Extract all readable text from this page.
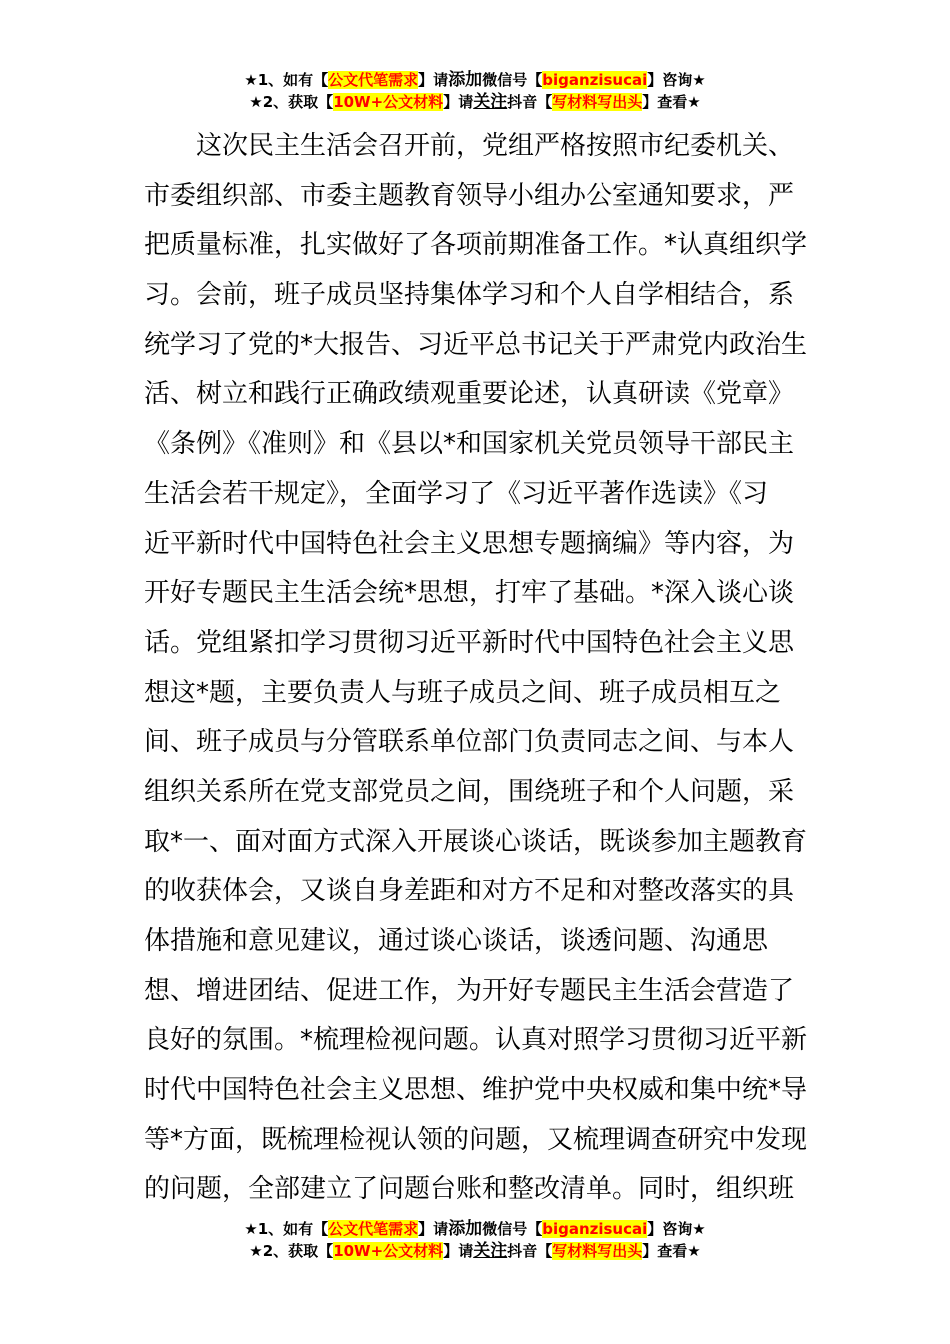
★1、如有【公文代笔需求】请添加微信号【biganzisucai】咨询★
★2、获取【10W+公文材料】请关注抖音【写材料写出头】查看★
　　这次民主生活会召开前，党组严格按照市纪委机关、
市委组织部、市委主题教育领导小组办公室通知要求，严
把质量标准，扎实做好了各项前期准备工作。*认真组织学
习。会前，班子成员坚持集体学习和个人自学相结合，系
统学习了党的*大报告、习近平总书记关于严肃党内政治生
活、树立和践行正确政绩观重要论述，认真研读《党章》
《条例》《准则》和《县以*和国家机关党员领导干部民主
生活会若干规定》，全面学习了《习近平著作选读》《习
近平新时代中国特色社会主义思想专题摘编》等内容，为
开好专题民主生活会统*思想，打牢了基础。*深入谈心谈
话。党组紧扣学习贯彻习近平新时代中国特色社会主义思
想这*题，主要负责人与班子成员之间、班子成员相互之
间、班子成员与分管联系单位部门负责同志之间、与本人
组织关系所在党支部党员之间，围绕班子和个人问题，采
取*一、面对面方式深入开展谈心谈话，既谈参加主题教育
的收获体会，又谈自身差距和对方不足和对整改落实的具
体措施和意见建议，通过谈心谈话，谈透问题、沟通思
想、增进团结、促进工作，为开好专题民主生活会营造了
良好的氛围。*梳理检视问题。认真对照学习贯彻习近平新
时代中国特色社会主义思想、维护党中央权威和集中统*导
等*方面，既梳理检视认领的问题，又梳理调查研究中发现
的问题，全部建立了问题台账和整改清单。同时，组织班
★1、如有【公文代笔需求】请添加微信号【biganzisucai】咨询★
★2、获取【10W+公文材料】请关注抖音【写材料写出头】查看★
